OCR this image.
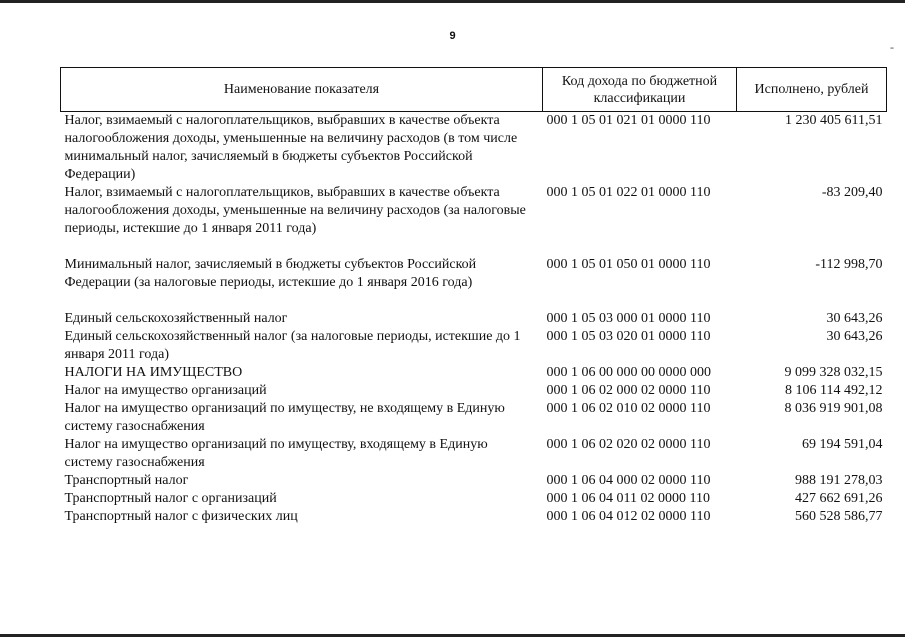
9
-
Наименование показателя	Код дохода по бюджетной классификации	Исполнено, рублей
Налог, взимаемый с налогоплательщиков, выбравших в качестве объекта налогообложения доходы, уменьшенные на величину расходов (в том числе минимальный налог, зачисляемый в бюджеты субъектов Российской Федерации)	000 1 05 01 021 01 0000 110	1 230 405 611,51
Налог, взимаемый с налогоплательщиков, выбравших в качестве объекта налогообложения доходы, уменьшенные на величину расходов (за налоговые периоды, истекшие до 1 января 2011 года)	000 1 05 01 022 01 0000 110	-83 209,40
Минимальный налог, зачисляемый в бюджеты субъектов Российской Федерации (за налоговые периоды, истекшие до 1 января 2016 года)	000 1 05 01 050 01 0000 110	-112 998,70
Единый сельскохозяйственный налог	000 1 05 03 000 01 0000 110	30 643,26
Единый сельскохозяйственный налог (за налоговые периоды, истекшие до 1 января 2011 года)	000 1 05 03 020 01 0000 110	30 643,26
НАЛОГИ НА ИМУЩЕСТВО	000 1 06 00 000 00 0000 000	9 099 328 032,15
Налог на имущество организаций	000 1 06 02 000 02 0000 110	8 106 114 492,12
Налог на имущество организаций по имуществу, не входящему в Единую систему газоснабжения	000 1 06 02 010 02 0000 110	8 036 919 901,08
Налог на имущество организаций по имуществу, входящему в Единую систему газоснабжения	000 1 06 02 020 02 0000 110	69 194 591,04
Транспортный налог	000 1 06 04 000 02 0000 110	988 191 278,03
Транспортный налог с организаций	000 1 06 04 011 02 0000 110	427 662 691,26
Транспортный налог с физических лиц	000 1 06 04 012 02 0000 110	560 528 586,77
